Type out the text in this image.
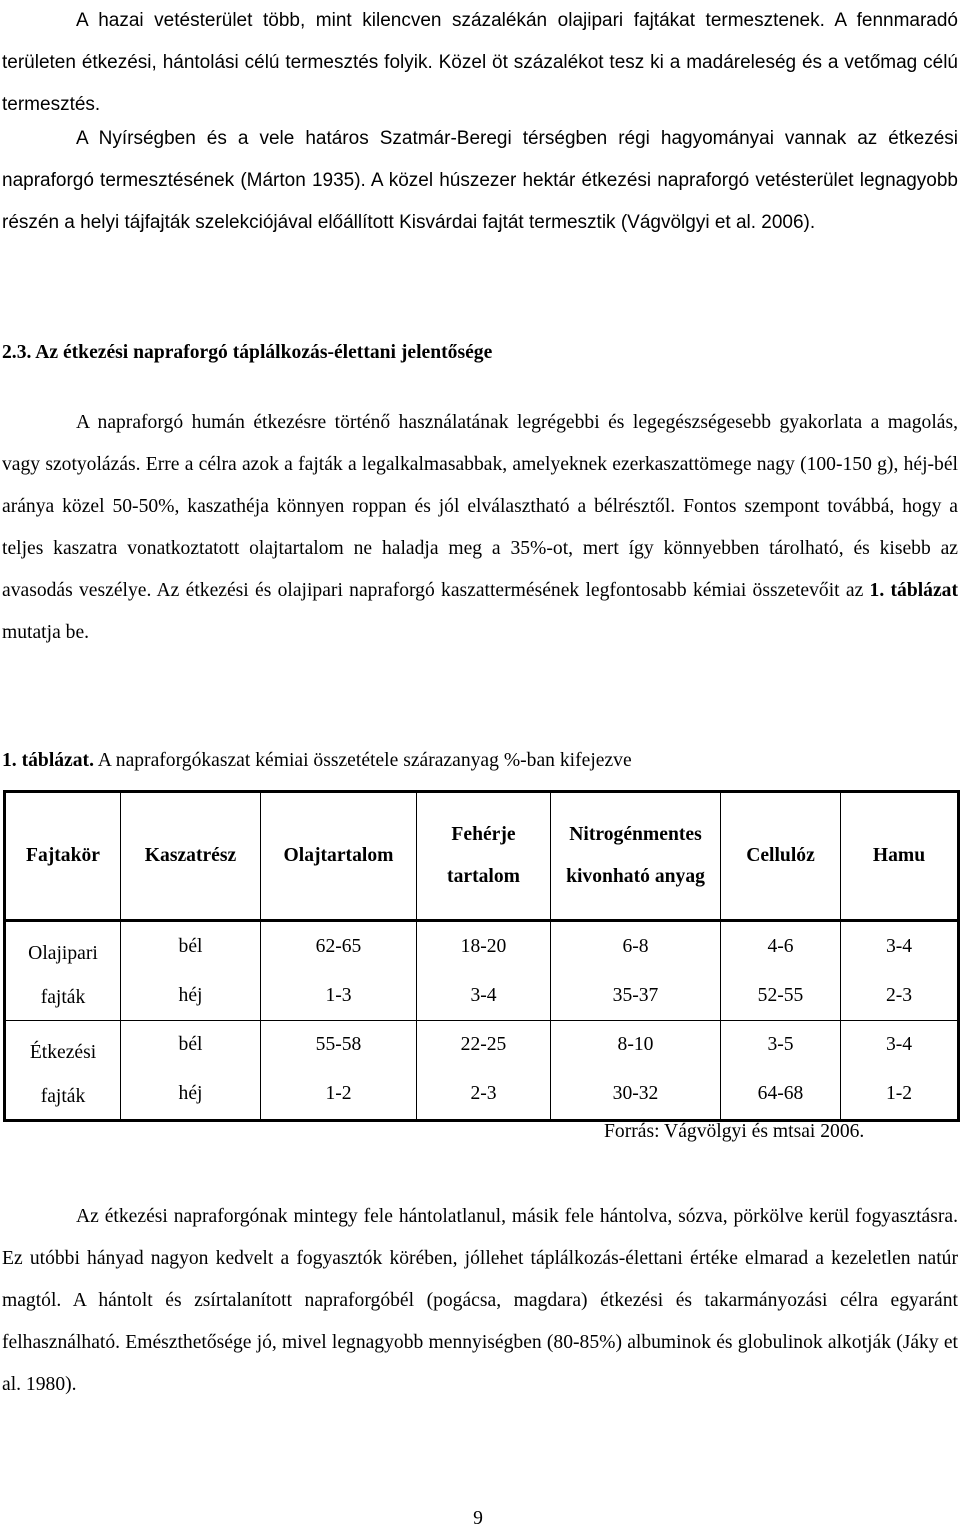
A hazai vetésterület több, mint kilencven százalékán olajipari fajtákat termesztenek. A fennmaradó területen étkezési, hántolási célú termesztés folyik. Közel öt százalékot tesz ki a madáreleség és a vetőmag célú termesztés.

A Nyírségben és a vele határos Szatmár-Beregi térségben régi hagyományai vannak az étkezési napraforgó termesztésének (Márton 1935). A közel húszezer hektár étkezési napraforgó vetésterület legnagyobb részén a helyi tájfajták szelekciójával előállított Kisvárdai fajtát termesztik (Vágvölgyi et al. 2006).

2.3. Az étkezési napraforgó táplálkozás-élettani jelentősége

A napraforgó humán étkezésre történő használatának legrégebbi és legegészségesebb gyakorlata a magolás, vagy szotyolázás. Erre a célra azok a fajták a legalkalmasabbak, amelyeknek ezerkaszattömege nagy (100-150 g), héj-bél aránya közel 50-50%, kaszathéja könnyen roppan és jól elválasztható a bélrésztől. Fontos szempont továbbá, hogy a teljes kaszatra vonatkoztatott olajtartalom ne haladja meg a 35%-ot, mert így könnyebben tárolható, és kisebb az avasodás veszélye. Az étkezési és olajipari napraforgó kaszattermésének legfontosabb kémiai összetevőit az 1. táblázat mutatja be.

1. táblázat. A napraforgókaszat kémiai összetétele szárazanyag %-ban kifejezve

Fajtakör	Kaszatrész	Olajtartalom	Fehérje tartalom	Nitrogénmentes kivonható anyag	Cellulóz	Hamu
Olajipari fajták	bél	62-65	18-20	6-8	4-6	3-4
	héj	1-3	3-4	35-37	52-55	2-3
Étkezési fajták	bél	55-58	22-25	8-10	3-5	3-4
	héj	1-2	2-3	30-32	64-68	1-2

Forrás: Vágvölgyi és mtsai 2006.

Az étkezési napraforgónak mintegy fele hántolatlanul, másik fele hántolva, sózva, pörkölve kerül fogyasztásra. Ez utóbbi hányad nagyon kedvelt a fogyasztók körében, jóllehet táplálkozás-élettani értéke elmarad a kezeletlen natúr magtól. A hántolt és zsírtalanított napraforgóbél (pogácsa, magdara) étkezési és takarmányozási célra egyaránt felhasználható. Emészthetősége jó, mivel legnagyobb mennyiségben (80-85%) albuminok és globulinok alkotják (Jáky et al. 1980).

9
